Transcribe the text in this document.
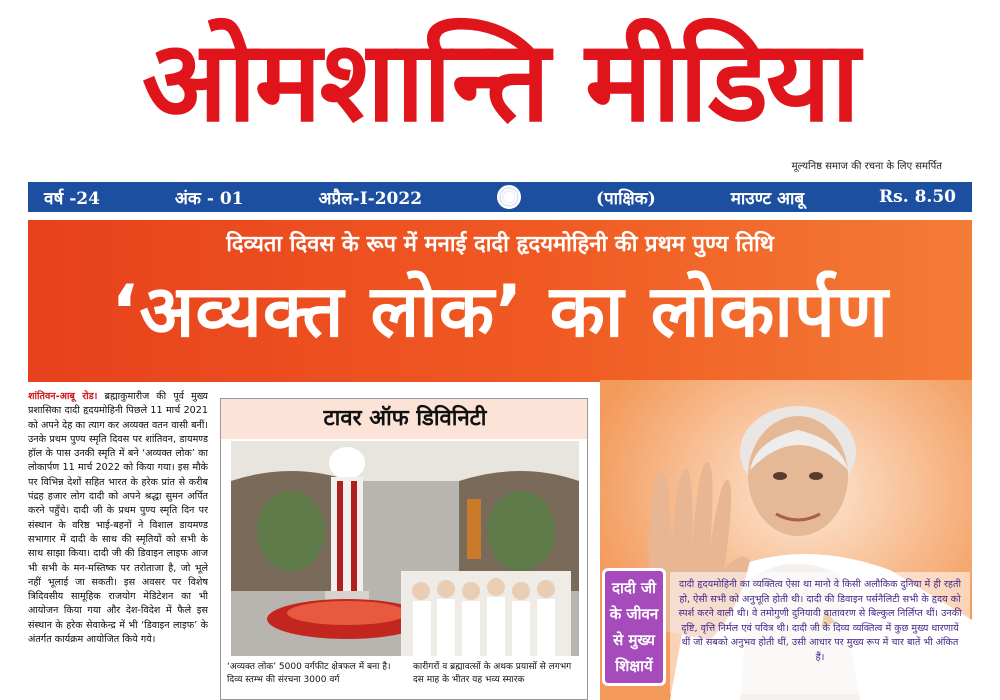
ओमशान्ति मीडिया
मूल्यनिष्ठ समाज की रचना के लिए समर्पित
वर्ष -24	अंक - 01	अप्रैल-I-2022	(पाक्षिक)	माउण्ट आबू	Rs. 8.50
दिव्यता दिवस के रूप में मनाई दादी हृदयमोहिनी की प्रथम पुण्य तिथि
‘अव्यक्त लोक’ का लोकार्पण
शांतिवन-आबू रोड। ब्रह्माकुमारीज की पूर्व मुख्य प्रशासिका दादी हृदयमोहिनी पिछले 11 मार्च 2021 को अपने देह का त्याग कर अव्यक्त वतन वासी बनीं। उनके प्रथम पुण्य स्मृति दिवस पर शांतिवन, डायमण्ड हॉल के पास उनकी स्मृति में बने ‘अव्यक्त लोक’ का लोकार्पण 11 मार्च 2022 को किया गया। इस मौके पर विभिन्न देशों सहित भारत के हरेक प्रांत से करीब पंद्रह हजार लोग दादी को अपने श्रद्धा सुमन अर्पित करने पहुँचे। दादी जी के प्रथम पुण्य स्मृति दिन पर संस्थान के वरिष्ठ भाई-बहनों ने विशाल डायमण्ड सभागार में दादी के साथ की स्मृतियों को सभी के साथ साझा किया। दादी जी की डिवाइन लाइफ आज भी सभी के मन-मस्तिष्क पर तरोताजा है, जो भूले नहीं भूलाई जा सकती। इस अवसर पर विशेष त्रिदिवसीय सामूहिक राजयोग मेडिटेशन का भी आयोजन किया गया और देश-विदेश में फैले इस संस्थान के हरेक सेवाकेन्द्र में भी ‘डिवाइन लाइफ’ के अंतर्गत कार्यक्रम आयोजित किये गये।
टावर ऑफ डिविनिटी
‘अव्यक्त लोक’ 5000 वर्गफीट क्षेत्रफल में बना है। दिव्य स्तम्भ की संरचना 3000 वर्ग
कारीगरों व ब्रह्मावत्सों के अथक प्रयासों से लगभग दस माह के भीतर यह भव्य स्मारक
दादी जी
के जीवन
से मुख्य
शिक्षायें
दादी हृदयमोहिनी का व्यक्तित्व ऐसा था मानो वे किसी अलौकिक दुनिया में ही रहती हो, ऐसी सभी को अनुभूति होती थी। दादी की डिवाइन पर्सनैलिटी सभी के हृदय को स्पर्श करने वाली थी। वे तमोगुणी दुनियावी वातावरण से बिल्कुल निर्लिप्त थीं। उनकी दृष्टि, वृत्ति निर्मल एवं पवित्र थी। दादी जी के दिव्य व्यक्तित्व में कुछ मुख्य धारणायें थीं जो सबको अनुभव होती थीं, उसी आधार पर मुख्य रूप में चार बातें भी अंकित हैं।
